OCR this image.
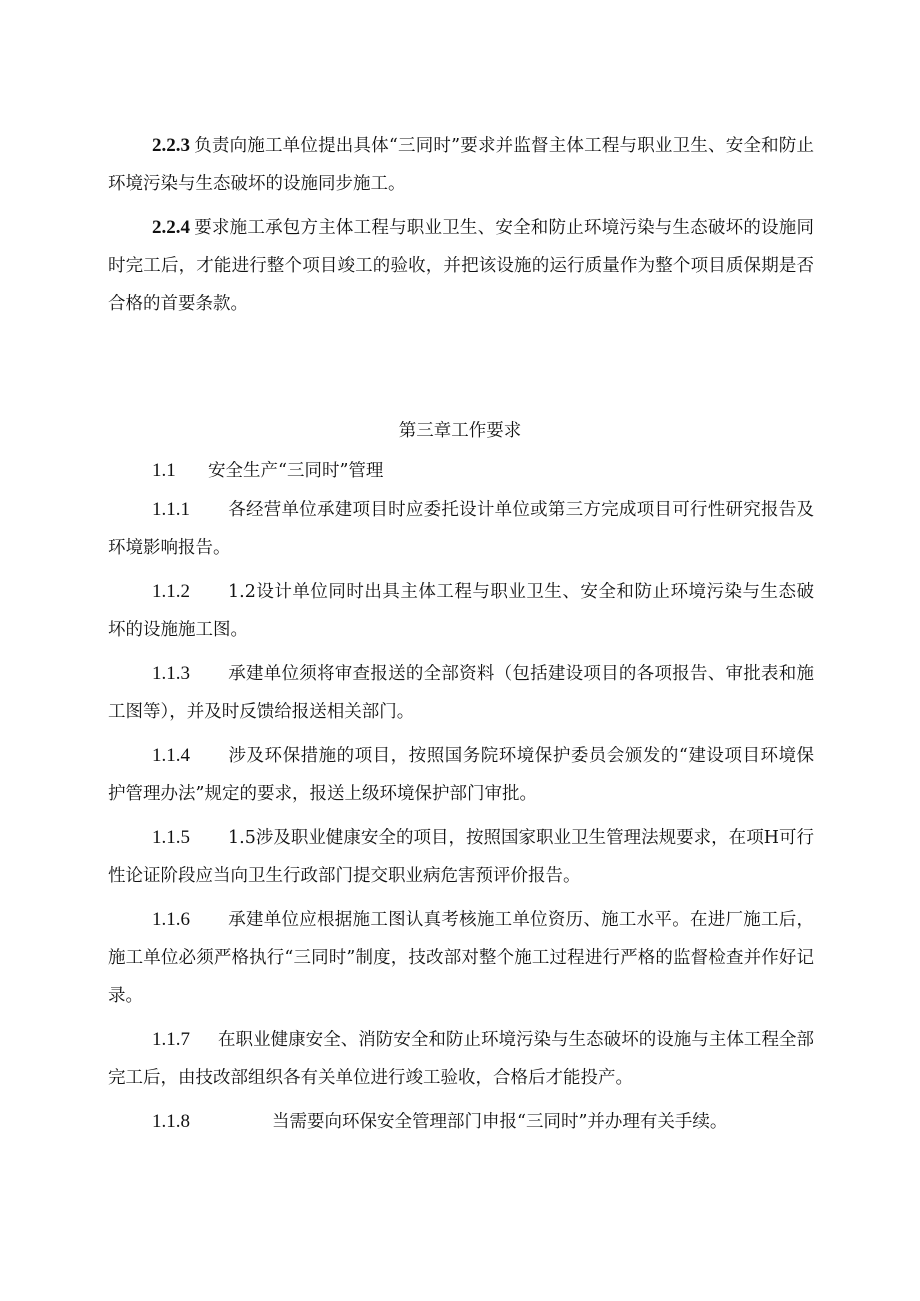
2.2.3 负责向施工单位提出具体“三同时”要求并监督主体工程与职业卫生、安全和防止环境污染与生态破坏的设施同步施工。

2.2.4 要求施工承包方主体工程与职业卫生、安全和防止环境污染与生态破坏的设施同时完工后，才能进行整个项目竣工的验收，并把该设施的运行质量作为整个项目质保期是否合格的首要条款。

第三章工作要求

1.1 安全生产“三同时”管理

1.1.1 各经营单位承建项目时应委托设计单位或第三方完成项目可行性研究报告及环境影响报告。

1.1.2 1.2设计单位同时出具主体工程与职业卫生、安全和防止环境污染与生态破坏的设施施工图。

1.1.3 承建单位须将审查报送的全部资料（包括建设项目的各项报告、审批表和施工图等），并及时反馈给报送相关部门。

1.1.4 涉及环保措施的项目，按照国务院环境保护委员会颁发的“建设项目环境保护管理办法”规定的要求，报送上级环境保护部门审批。

1.1.5 1.5涉及职业健康安全的项目，按照国家职业卫生管理法规要求，在项H可行性论证阶段应当向卫生行政部门提交职业病危害预评价报告。

1.1.6 承建单位应根据施工图认真考核施工单位资历、施工水平。在进厂施工后，施工单位必须严格执行“三同时”制度，技改部对整个施工过程进行严格的监督检查并作好记录。

1.1.7 在职业健康安全、消防安全和防止环境污染与生态破坏的设施与主体工程全部完工后，由技改部组织各有关单位进行竣工验收，合格后才能投产。

1.1.8	当需要向环保安全管理部门申报“三同时”并办理有关手续。
